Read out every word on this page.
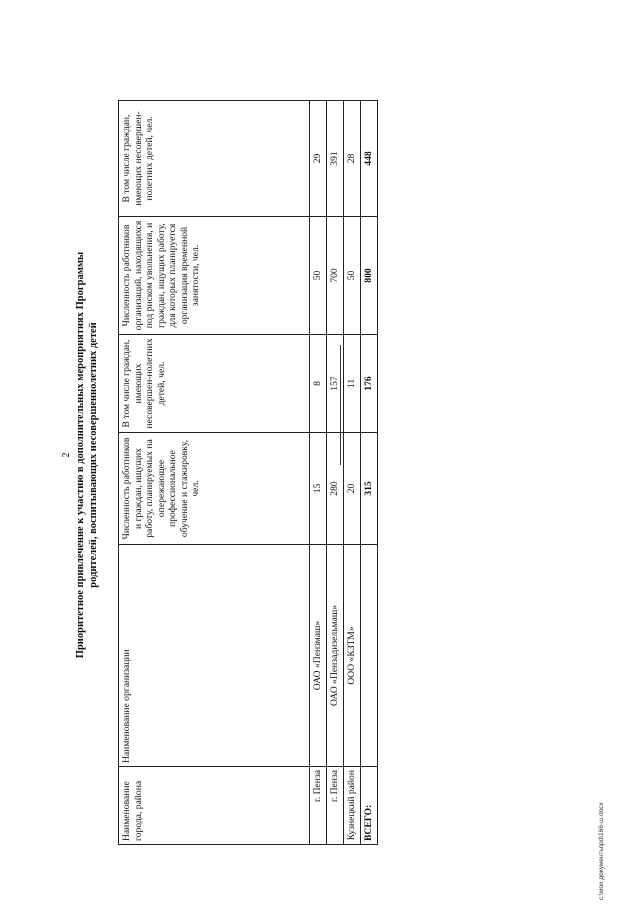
2 Приоритетное привлечение к участию в дополнительных мероприятиях Программы родителей, воспитывающих несовершеннолетних детей
Наименование города, района	Наименование организации	Численность работников и граждан, ищущих работу, планируемых на опережающее профессиональное обучение и стажировку, чел.	В том числе граждан, имеющих несовершен-нолетних детей, чел.	Численность работников организаций, находящихся под риском увольнения, и граждан, ищущих работу, для которых планируется организация временной занятости, чел.	В том числе граждан, имеющих несовершен-нолетних детей, чел.
г. Пенза	ОАО «Пензмаш»	15	8	50	29
г. Пенза	ОАО «Пензадизельмаш»	280	157	700	391
Кузнецкий район	ООО «КЗТМ»	20	11	50	28
ВСЕГО:		315	176	800	448
с:\мои документы\pd\166-ш.docx
